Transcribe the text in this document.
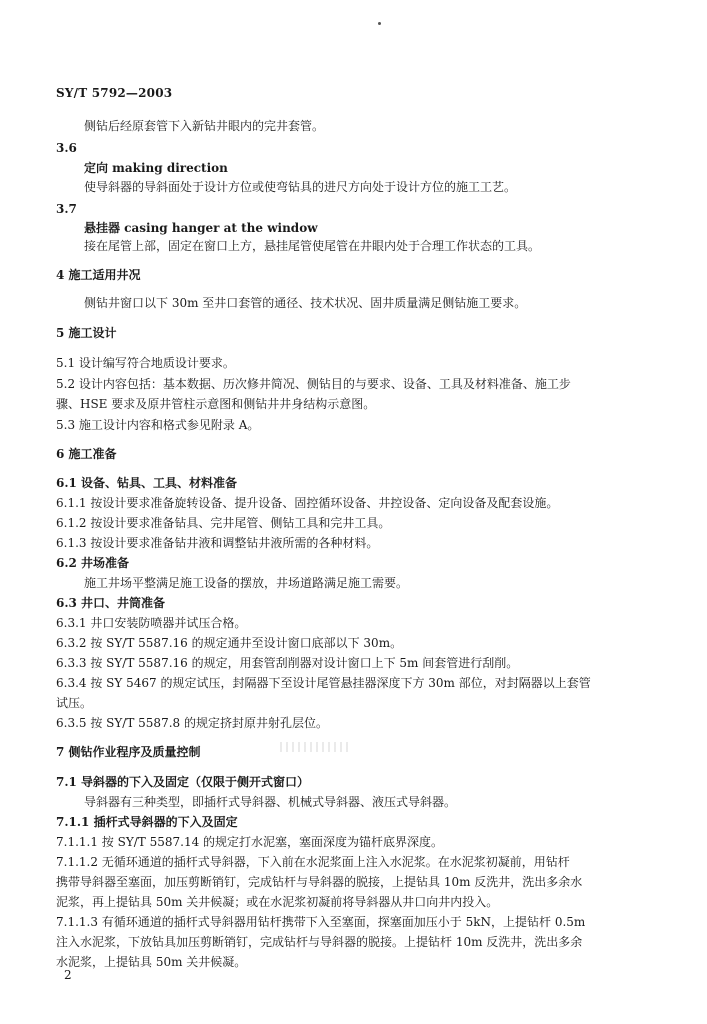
SY/T 5792—2003
侧钻后经原套管下入新钻井眼内的完井套管。
3.6
定向 making direction
使导斜器的导斜面处于设计方位或使弯钻具的进尺方向处于设计方位的施工工艺。
3.7
悬挂器 casing hanger at the window
接在尾管上部，固定在窗口上方，悬挂尾管使尾管在井眼内处于合理工作状态的工具。
4 施工适用井况
侧钻井窗口以下 30m 至井口套管的通径、技术状况、固井质量满足侧钻施工要求。
5 施工设计
5.1 设计编写符合地质设计要求。
5.2 设计内容包括：基本数据、历次修井简况、侧钻目的与要求、设备、工具及材料准备、施工步
骤、HSE 要求及原井管柱示意图和侧钻井井身结构示意图。
5.3 施工设计内容和格式参见附录 A。
6 施工准备
6.1 设备、钻具、工具、材料准备
6.1.1 按设计要求准备旋转设备、提升设备、固控循环设备、井控设备、定向设备及配套设施。
6.1.2 按设计要求准备钻具、完井尾管、侧钻工具和完井工具。
6.1.3 按设计要求准备钻井液和调整钻井液所需的各种材料。
6.2 井场准备
施工井场平整满足施工设备的摆放，井场道路满足施工需要。
6.3 井口、井筒准备
6.3.1 井口安装防喷器并试压合格。
6.3.2 按 SY/T 5587.16 的规定通井至设计窗口底部以下 30m。
6.3.3 按 SY/T 5587.16 的规定，用套管刮削器对设计窗口上下 5m 间套管进行刮削。
6.3.4 按 SY 5467 的规定试压，封隔器下至设计尾管悬挂器深度下方 30m 部位，对封隔器以上套管
试压。
6.3.5 按 SY/T 5587.8 的规定挤封原井射孔层位。
7 侧钻作业程序及质量控制
7.1 导斜器的下入及固定（仅限于侧开式窗口）
导斜器有三种类型，即插杆式导斜器、机械式导斜器、液压式导斜器。
7.1.1 插杆式导斜器的下入及固定
7.1.1.1 按 SY/T 5587.14 的规定打水泥塞，塞面深度为锚杆底界深度。
7.1.1.2 无循环通道的插杆式导斜器，下入前在水泥浆面上注入水泥浆。在水泥浆初凝前，用钻杆
携带导斜器至塞面，加压剪断销钉，完成钻杆与导斜器的脱接，上提钻具 10m 反洗井，洗出多余水
泥浆，再上提钻具 50m 关井候凝；或在水泥浆初凝前将导斜器从井口向井内投入。
7.1.1.3 有循环通道的插杆式导斜器用钻杆携带下入至塞面，探塞面加压小于 5kN，上提钻杆 0.5m
注入水泥浆，下放钻具加压剪断销钉，完成钻杆与导斜器的脱接。上提钻杆 10m 反洗井，洗出多余
水泥浆，上提钻具 50m 关井候凝。
2
